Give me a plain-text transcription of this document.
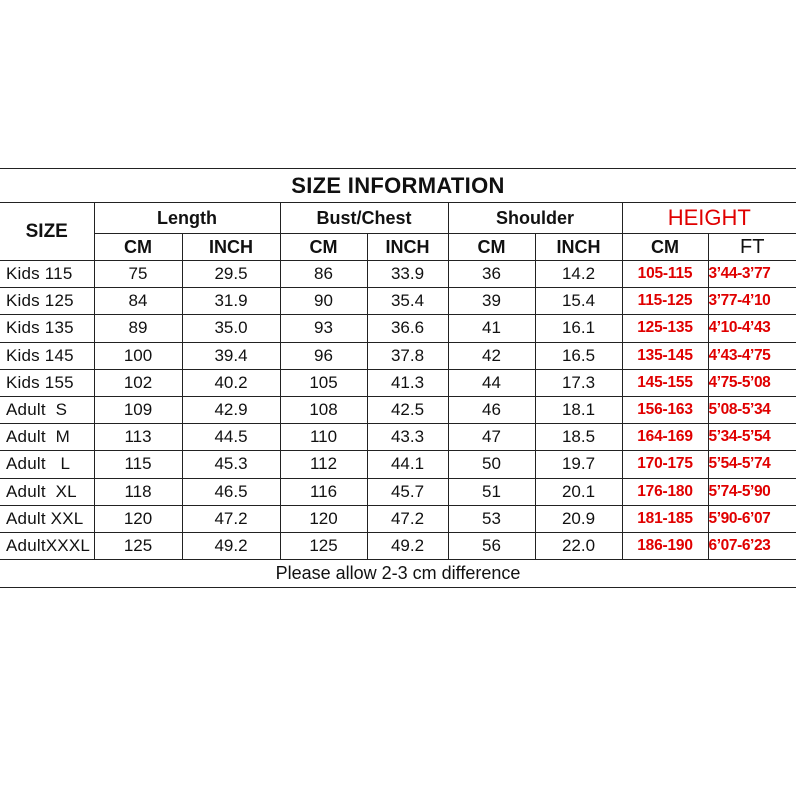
SIZE INFORMATION								
SIZE	Length		Bust/Chest		Shoulder		HEIGHT	
	CM	INCH	CM	INCH	CM	INCH	CM	FT
Kids 115	75	29.5	86	33.9	36	14.2	105-115	3’44-3’77
Kids 125	84	31.9	90	35.4	39	15.4	115-125	3’77-4’10
Kids 135	89	35.0	93	36.6	41	16.1	125-135	4’10-4’43
Kids 145	100	39.4	96	37.8	42	16.5	135-145	4’43-4’75
Kids 155	102	40.2	105	41.3	44	17.3	145-155	4’75-5’08
Adult  S	109	42.9	108	42.5	46	18.1	156-163	5’08-5’34
Adult  M	113	44.5	110	43.3	47	18.5	164-169	5’34-5’54
Adult   L	115	45.3	112	44.1	50	19.7	170-175	5’54-5’74
Adult  XL	118	46.5	116	45.7	51	20.1	176-180	5’74-5’90
Adult XXL	120	47.2	120	47.2	53	20.9	181-185	5’90-6’07
AdultXXXL	125	49.2	125	49.2	56	22.0	186-190	6’07-6’23
Please allow 2-3 cm difference								
